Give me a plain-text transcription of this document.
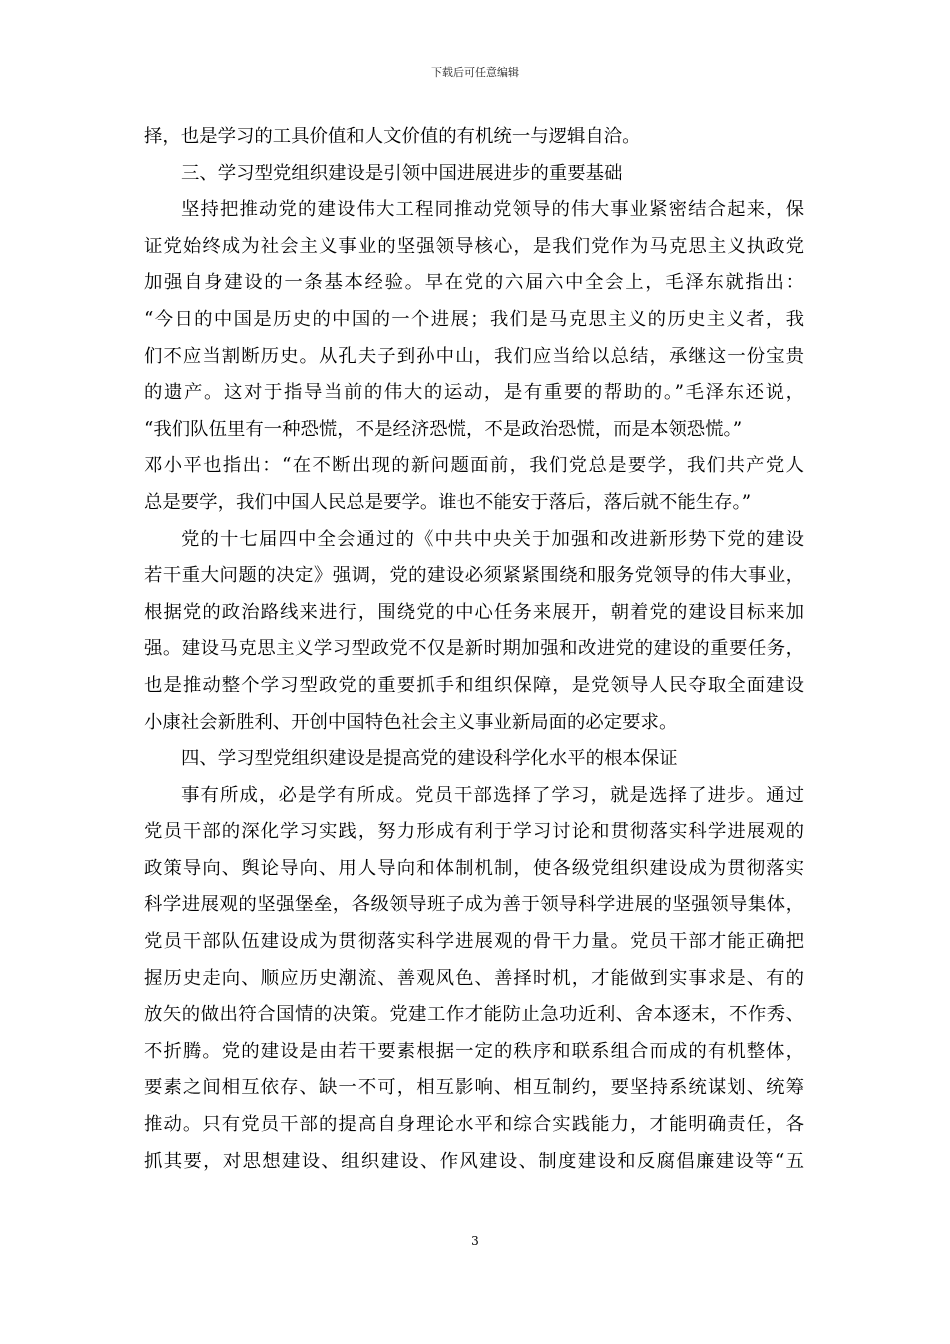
下载后可任意编辑
择，也是学习的工具价值和人文价值的有机统一与逻辑自洽。
三、学习型党组织建设是引领中国进展进步的重要基础
坚持把推动党的建设伟大工程同推动党领导的伟大事业紧密结合起来，保
证党始终成为社会主义事业的坚强领导核心，是我们党作为马克思主义执政党
加强自身建设的一条基本经验。早在党的六届六中全会上，毛泽东就指出：
“今日的中国是历史的中国的一个进展；我们是马克思主义的历史主义者，我
们不应当割断历史。从孔夫子到孙中山，我们应当给以总结，承继这一份宝贵
的遗产。这对于指导当前的伟大的运动，是有重要的帮助的。”毛泽东还说，
“我们队伍里有一种恐慌，不是经济恐慌，不是政治恐慌，而是本领恐慌。”
邓小平也指出：“在不断出现的新问题面前，我们党总是要学，我们共产党人
总是要学，我们中国人民总是要学。谁也不能安于落后，落后就不能生存。”
党的十七届四中全会通过的《中共中央关于加强和改进新形势下党的建设
若干重大问题的决定》强调，党的建设必须紧紧围绕和服务党领导的伟大事业，
根据党的政治路线来进行，围绕党的中心任务来展开，朝着党的建设目标来加
强。建设马克思主义学习型政党不仅是新时期加强和改进党的建设的重要任务，
也是推动整个学习型政党的重要抓手和组织保障，是党领导人民夺取全面建设
小康社会新胜利、开创中国特色社会主义事业新局面的必定要求。
四、学习型党组织建设是提高党的建设科学化水平的根本保证
事有所成，必是学有所成。党员干部选择了学习，就是选择了进步。通过
党员干部的深化学习实践，努力形成有利于学习讨论和贯彻落实科学进展观的
政策导向、舆论导向、用人导向和体制机制，使各级党组织建设成为贯彻落实
科学进展观的坚强堡垒，各级领导班子成为善于领导科学进展的坚强领导集体，
党员干部队伍建设成为贯彻落实科学进展观的骨干力量。党员干部才能正确把
握历史走向、顺应历史潮流、善观风色、善择时机，才能做到实事求是、有的
放矢的做出符合国情的决策。党建工作才能防止急功近利、舍本逐末，不作秀、
不折腾。党的建设是由若干要素根据一定的秩序和联系组合而成的有机整体，
要素之间相互依存、缺一不可，相互影响、相互制约，要坚持系统谋划、统筹
推动。只有党员干部的提高自身理论水平和综合实践能力，才能明确责任，各
抓其要，对思想建设、组织建设、作风建设、制度建设和反腐倡廉建设等“五
3
